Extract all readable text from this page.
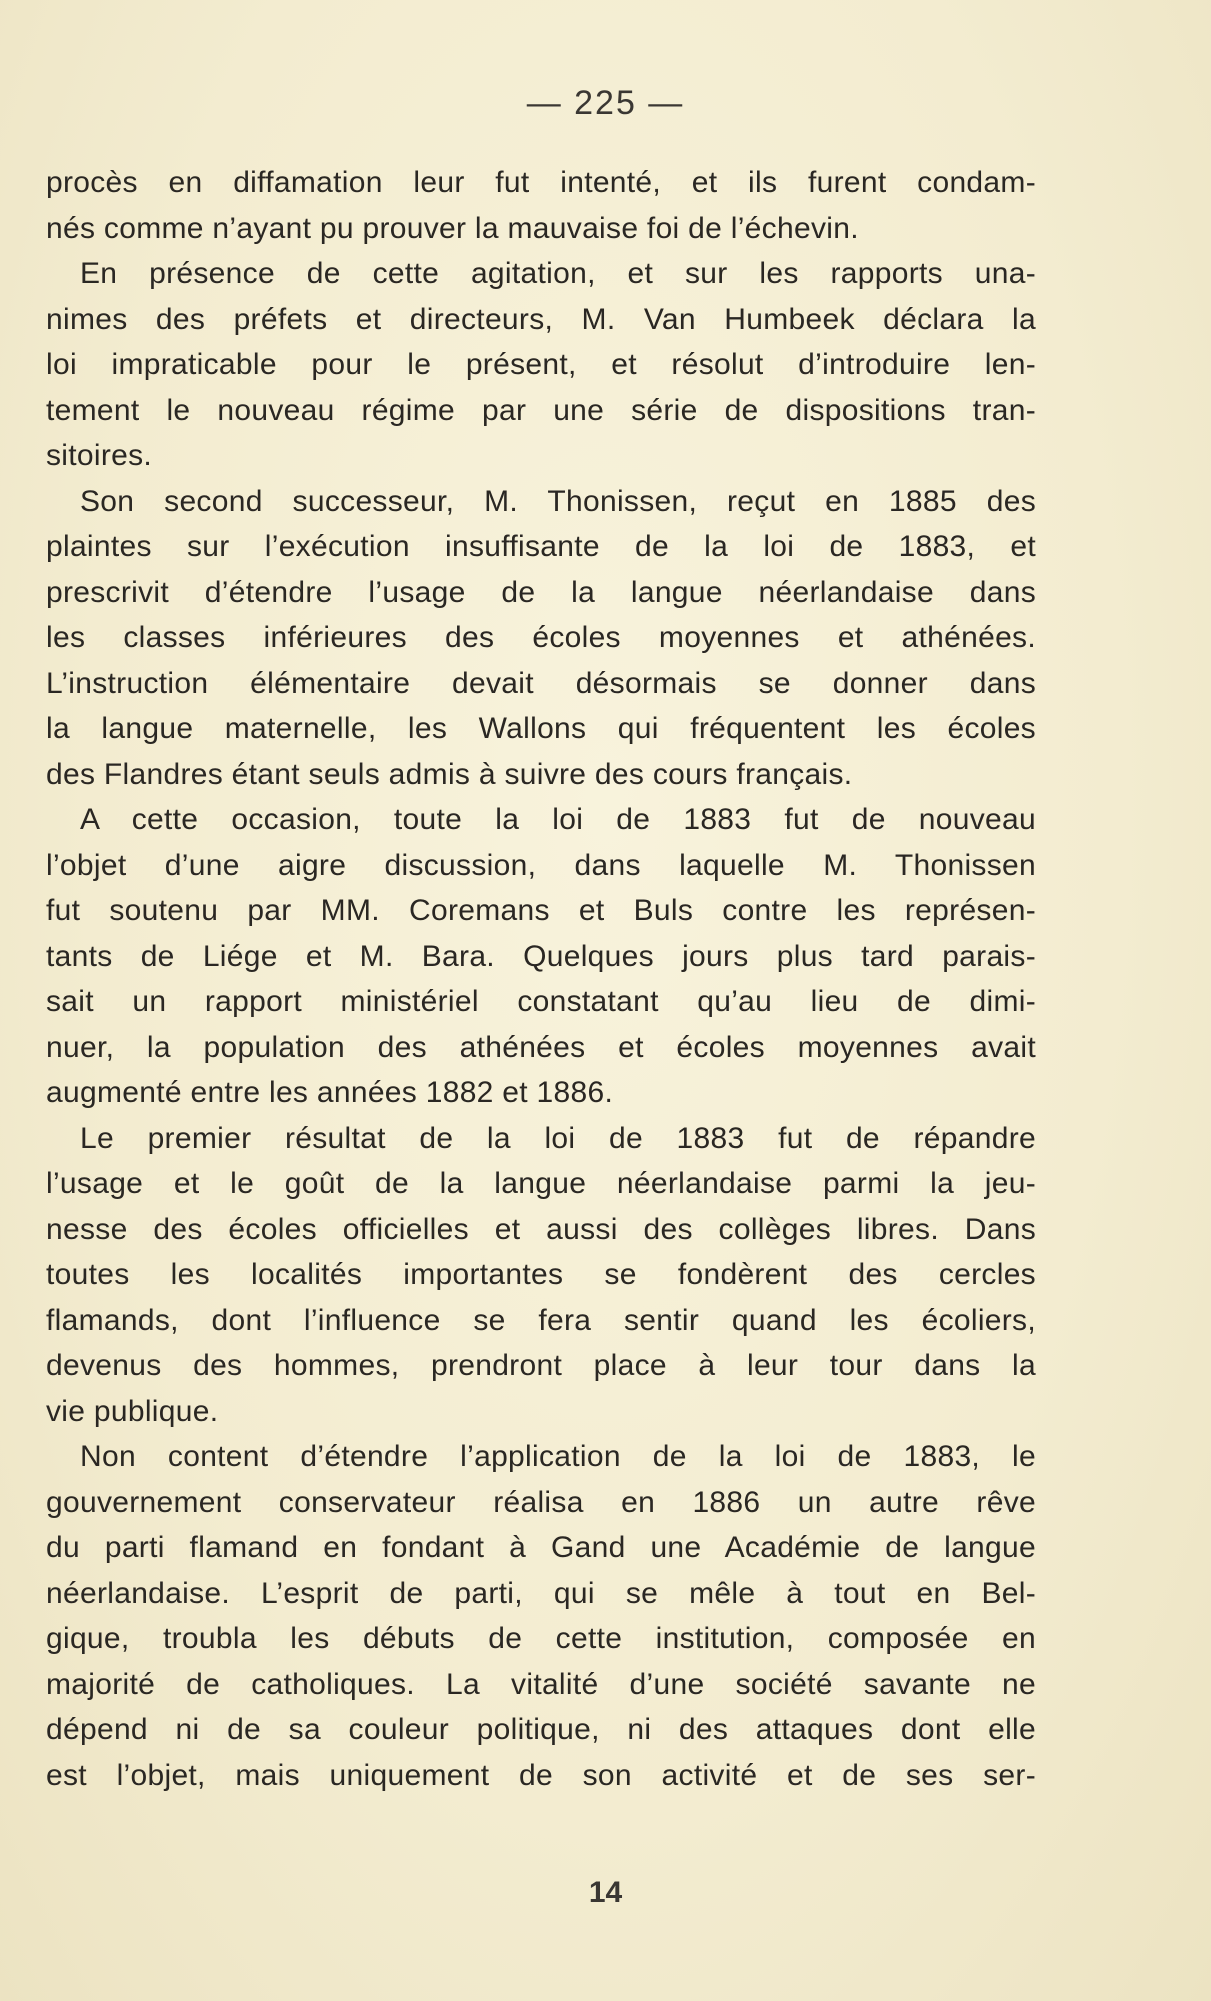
— 225 —
procès en diffamation leur fut intenté, et ils furent condam-
nés comme n’ayant pu prouver la mauvaise foi de l’échevin.
En présence de cette agitation, et sur les rapports una-
nimes des préfets et directeurs, M. Van Humbeek déclara la
loi impraticable pour le présent, et résolut d’introduire len-
tement le nouveau régime par une série de dispositions tran-
sitoires.
Son second successeur, M. Thonissen, reçut en 1885 des
plaintes sur l’exécution insuffisante de la loi de 1883, et
prescrivit d’étendre l’usage de la langue néerlandaise dans
les classes inférieures des écoles moyennes et athénées.
L’instruction élémentaire devait désormais se donner dans
la langue maternelle, les Wallons qui fréquentent les écoles
des Flandres étant seuls admis à suivre des cours français.
A cette occasion, toute la loi de 1883 fut de nouveau
l’objet d’une aigre discussion, dans laquelle M. Thonissen
fut soutenu par MM. Coremans et Buls contre les représen-
tants de Liége et M. Bara. Quelques jours plus tard parais-
sait un rapport ministériel constatant qu’au lieu de dimi-
nuer, la population des athénées et écoles moyennes avait
augmenté entre les années 1882 et 1886.
Le premier résultat de la loi de 1883 fut de répandre
l’usage et le goût de la langue néerlandaise parmi la jeu-
nesse des écoles officielles et aussi des collèges libres. Dans
toutes les localités importantes se fondèrent des cercles
flamands, dont l’influence se fera sentir quand les écoliers,
devenus des hommes, prendront place à leur tour dans la
vie publique.
Non content d’étendre l’application de la loi de 1883, le
gouvernement conservateur réalisa en 1886 un autre rêve
du parti flamand en fondant à Gand une Académie de langue
néerlandaise. L’esprit de parti, qui se mêle à tout en Bel-
gique, troubla les débuts de cette institution, composée en
majorité de catholiques. La vitalité d’une société savante ne
dépend ni de sa couleur politique, ni des attaques dont elle
est l’objet, mais uniquement de son activité et de ses ser-
14
